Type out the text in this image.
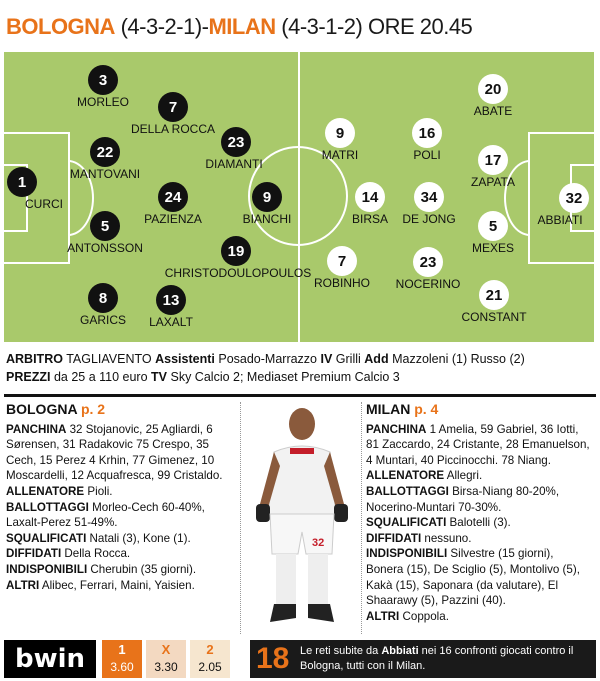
BOLOGNA (4-3-2-1)-MILAN (4-3-1-2) ORE 20.45
3
MORLEO	7
DELLA ROCCA
22
MANTOVANI
23
DIAMANTI
1
CURCI	24
PAZIENZA
9
BIANCHI
5
ANTONSSON	19
CHRISTODOULOPOULOS
8
GARICS
13
LAXALT
20
ABATE
9
MATRI
16
POLI	17
ZAPATA
14
BIRSA
34
DE JONG
32
ABBIATI
5
MEXES
7
ROBINHO
23
NOCERINO
21
CONSTANT
ARBITRO TAGLIAVENTO Assistenti Posado-Marrazzo IV Grilli Add Mazzoleni (1) Russo (2)
PREZZI da 25 a 110 euro TV Sky Calcio 2; Mediaset Premium Calcio 3
BOLOGNA p. 2

PANCHINA 32 Stojanovic, 25 Agliardi, 6 Sørensen, 31 Radakovic 75 Crespo, 35 Cech, 15 Perez 4 Krhin, 77 Gimenez, 10 Moscardelli, 12 Acquafresca, 99 Cristaldo.

ALLENATORE Pioli.

BALLOTTAGGI Morleo-Cech 60-40%, Laxalt-Perez 51-49%.

SQUALIFICATI Natali (3), Kone (1).

DIFFIDATI Della Rocca.

INDISPONIBILI Cherubin (35 giorni).

ALTRI Alibec, Ferrari, Maini, Yaisien.

32
MILAN p. 4

PANCHINA 1 Amelia, 59 Gabriel, 36 Iotti, 81 Zaccardo, 24 Cristante, 28 Emanuelson, 4 Muntari, 40 Piccinocchi. 78 Niang.

ALLENATORE Allegri.

BALLOTTAGGI Birsa-Niang 80-20%, Nocerino-Muntari 70-30%.

SQUALIFICATI Balotelli (3).

DIFFIDATI nessuno.

INDISPONIBILI Silvestre (15 giorni), Bonera (15), De Sciglio (5), Montolivo (5), Kakà (15), Saponara (da valutare), El Shaarawy (5), Pazzini (40).

ALTRI Coppola.

bwin	1
3.60
X
3.30
2
2.05 18 Le reti subite da Abbiati nei 16 confronti giocati contro il Bologna, tutti con il Milan.
